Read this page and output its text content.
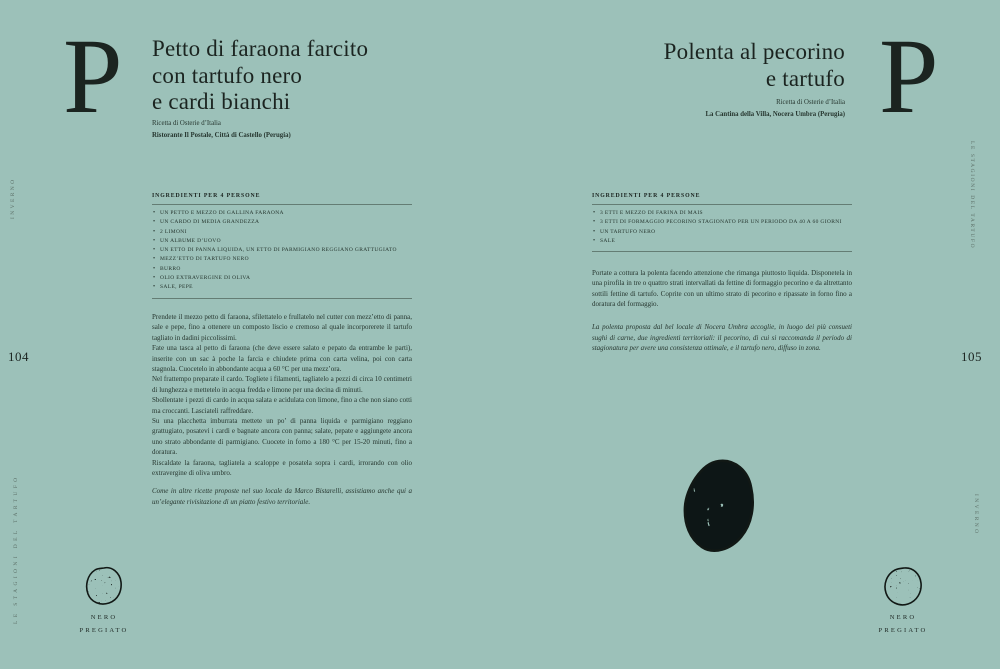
INVERNO
LE STAGIONI DEL TARTUFO
104
LE STAGIONI DEL TARTUFO
INVERNO
105
P Petto di faraona farcito
con tartufo nero
e cardi bianchi
Ricetta di Osterie d’Italia
Ristorante Il Postale, Città di Castello (Perugia)
INGREDIENTI PER 4 PERSONE
• UN PETTO E MEZZO DI GALLINA FARAONA
• UN CARDO DI MEDIA GRANDEZZA
• 2 LIMONI
• UN ALBUME D’UOVO
• UN ETTO DI PANNA LIQUIDA, UN ETTO DI PARMIGIANO REGGIANO GRATTUGIATO
• MEZZ’ETTO DI TARTUFO NERO
• BURRO
• OLIO EXTRAVERGINE DI OLIVA
• SALE, PEPE

Prendete il mezzo petto di faraona, sfilettatelo e frullatelo nel cutter con mezz’etto di panna, sale e pepe, fino a ottenere un composto liscio e cremoso al quale incorporerete il tartufo tagliato in dadini piccolissimi.

Fate una tasca al petto di faraona (che deve essere salato e pepato da entrambe le parti), inserite con un sac à poche la farcia e chiudete prima con carta velina, poi con carta stagnola. Cuocetelo in abbondante acqua a 60 °C per una mezz’ora.

Nel frattempo preparate il cardo. Togliete i filamenti, tagliatelo a pezzi di circa 10 centimetri di lunghezza e mettetelo in acqua fredda e limone per una decina di minuti.

Sbollentate i pezzi di cardo in acqua salata e acidulata con limone, fino a che non siano cotti ma croccanti. Lasciateli raffreddare.

Su una placchetta imburrata mettete un po’ di panna liquida e parmigiano reggiano grattugiato, posatevi i cardi e bagnate ancora con panna; salate, pepate e aggiungete ancora uno strato abbondante di parmigiano. Cuocete in forno a 180 °C per 15-20 minuti, fino a doratura.

Riscaldate la faraona, tagliatela a scaloppe e posatela sopra i cardi, irrorando con olio extravergine di oliva umbro.

Come in altre ricette proposte nel suo locale da Marco Bistarelli, assistiamo anche qui a un’elegante rivisitazione di un piatto festivo territoriale.

NERO
PREGIATO
P
Polenta al pecorino
e tartufo
Ricetta di Osterie d’Italia
La Cantina della Villa, Nocera Umbra (Perugia)
INGREDIENTI PER 4 PERSONE
• 3 ETTI E MEZZO DI FARINA DI MAIS
• 3 ETTI DI FORMAGGIO PECORINO STAGIONATO PER UN PERIODO DA 40 A 60 GIORNI
• UN TARTUFO NERO
• SALE

Portate a cottura la polenta facendo attenzione che rimanga piuttosto liquida. Disponetela in una pirofila in tre o quattro strati intervallati da fettine di formaggio pecorino e da altrettanto sottili fettine di tartufo. Coprite con un ultimo strato di pecorino e ripassate in forno fino a doratura del formaggio.

La polenta proposta dal bel locale di Nocera Umbra accoglie, in luogo dei più consueti sughi di carne, due ingredienti territoriali: il pecorino, di cui si raccomanda il periodo di stagionatura per avere una consistenza ottimale, e il tartufo nero, diffuso in zona.

NERO
PREGIATO
